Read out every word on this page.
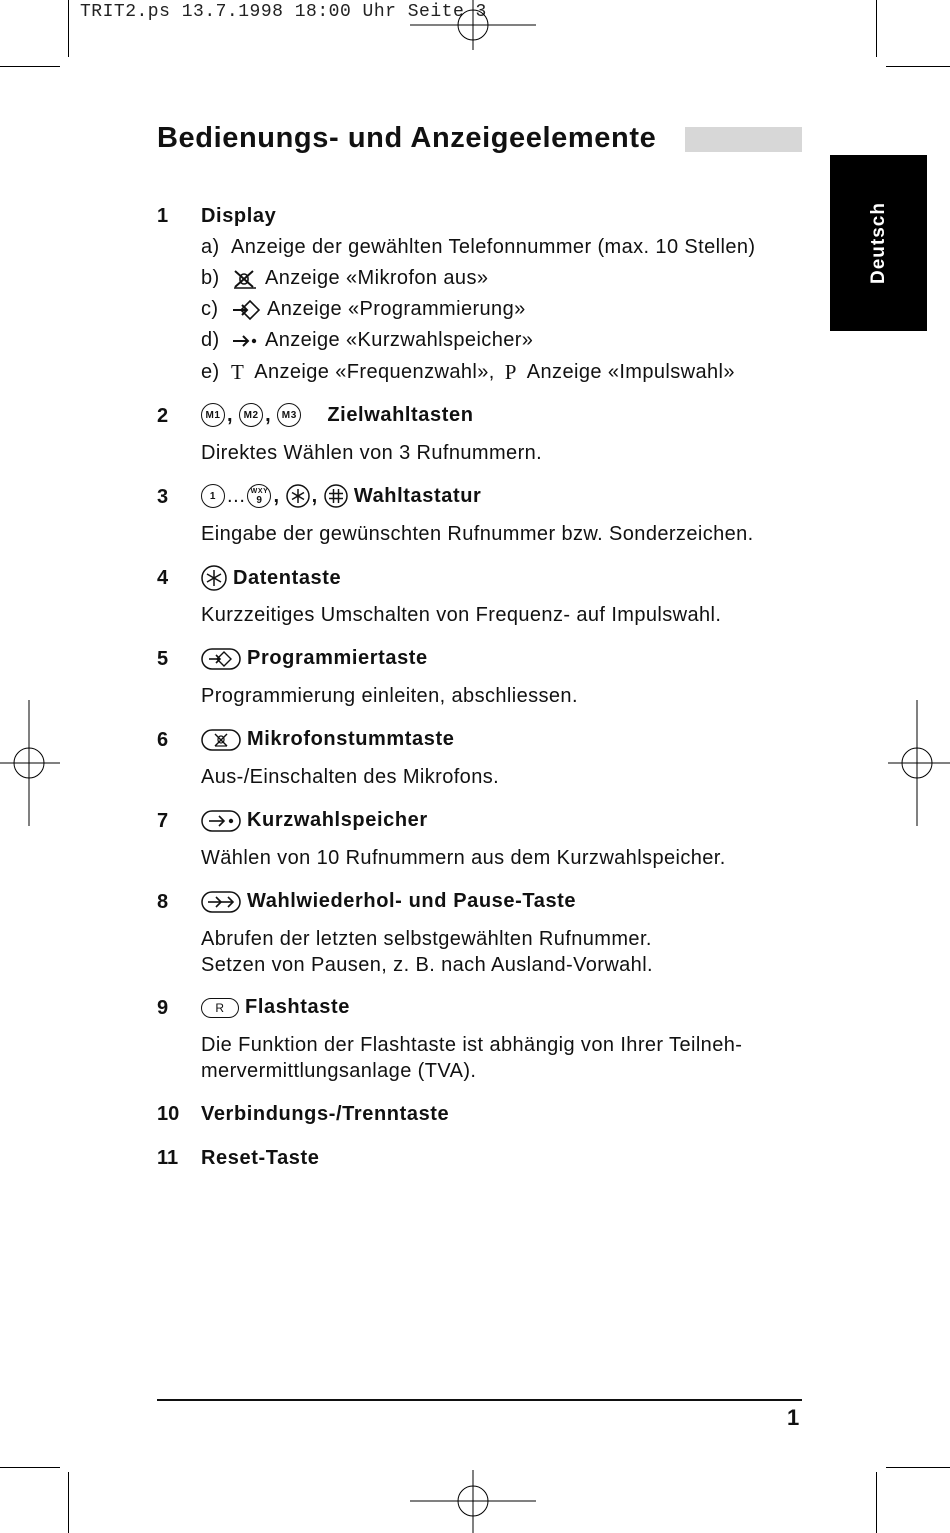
TRIT2.ps 13.7.1998 18:00 Uhr Seite 3
Bedienungs- und Anzeigeelemente
Deutsch
1 Display
a) Anzeige der gewählten Telefonnummer (max. 10 Stellen)
b)	Anzeige «Mikrofon aus»
c)	Anzeige «Programmierung»
d)	Anzeige «Kurzwahlspeicher»
e) T Anzeige «Frequenzwahl», P Anzeige «Impulswahl»
2	M1 ,	M2 ,	M3 Zielwahltasten
Direktes Wählen von 3 Rufnummern.
3	1 ... WXY
9 , , Wahltastatur
Eingabe der gewünschten Rufnummer bzw. Sonderzeichen.
4	Datentaste
Kurzzeitiges Umschalten von Frequenz- auf Impulswahl.
5	Programmiertaste
Programmierung einleiten, abschliessen.
6	Mikrofonstummtaste
Aus-/Einschalten des Mikrofons.
7	Kurzwahlspeicher
Wählen von 10 Rufnummern aus dem Kurzwahlspeicher.
8	Wahlwiederhol- und Pause-Taste
Abrufen der letzten selbstgewählten Rufnummer.
Setzen von Pausen, z. B. nach Ausland-Vorwahl.
9	R	Flashtaste
Die Funktion der Flashtaste ist abhängig von Ihrer Teilneh-
mervermittlungsanlage (TVA).
10 Verbindungs-/Trenntaste
11 Reset-Taste
1
